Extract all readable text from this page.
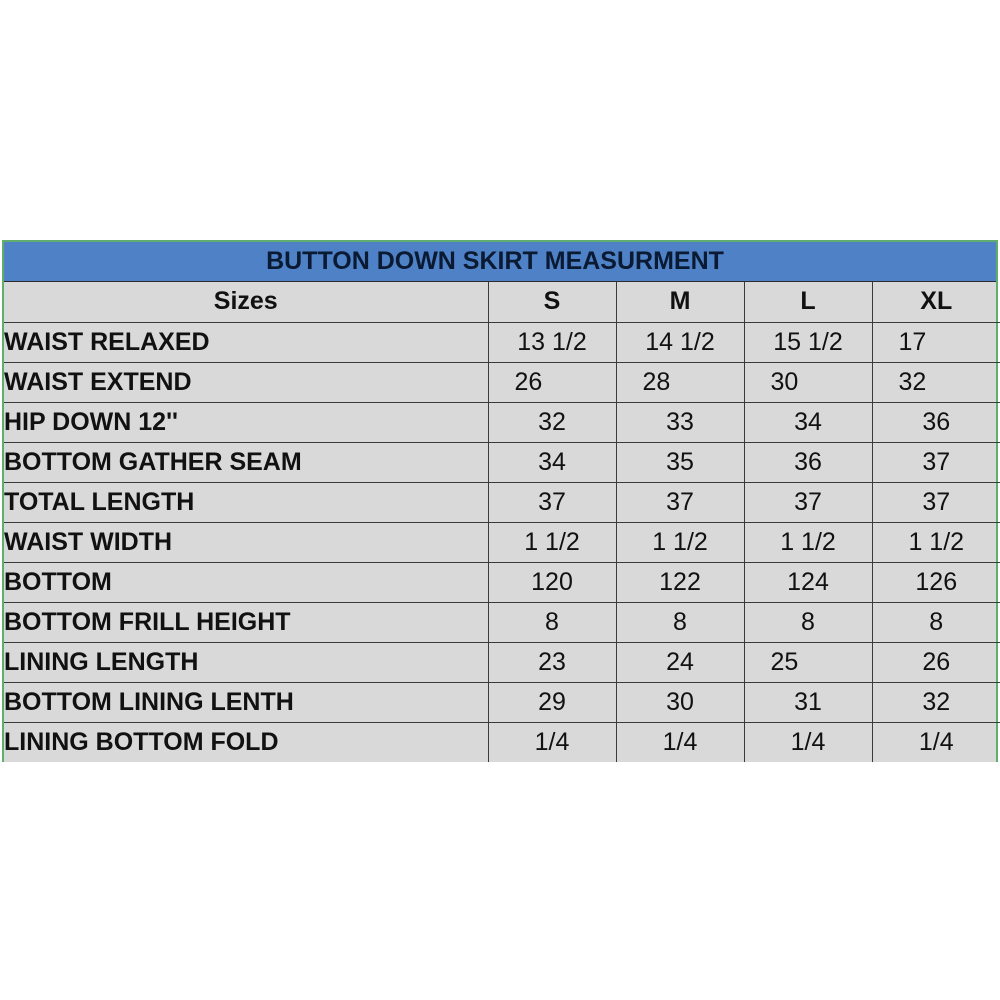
BUTTON DOWN SKIRT MEASURMENT
Sizes	S	M	L	XL
WAIST RELAXED	13 1/2	14 1/2	15 1/2	17
WAIST EXTEND	26	28	30	32
HIP DOWN 12''	32	33	34	36
BOTTOM GATHER SEAM	34	35	36	37
TOTAL LENGTH	37	37	37	37
WAIST WIDTH	1 1/2	1 1/2	1 1/2	1 1/2
BOTTOM	120	122	124	126
BOTTOM FRILL HEIGHT	8	8	8	8
LINING LENGTH	23	24	25	26
BOTTOM LINING LENTH	29	30	31	32
LINING BOTTOM FOLD	1/4	1/4	1/4	1/4
